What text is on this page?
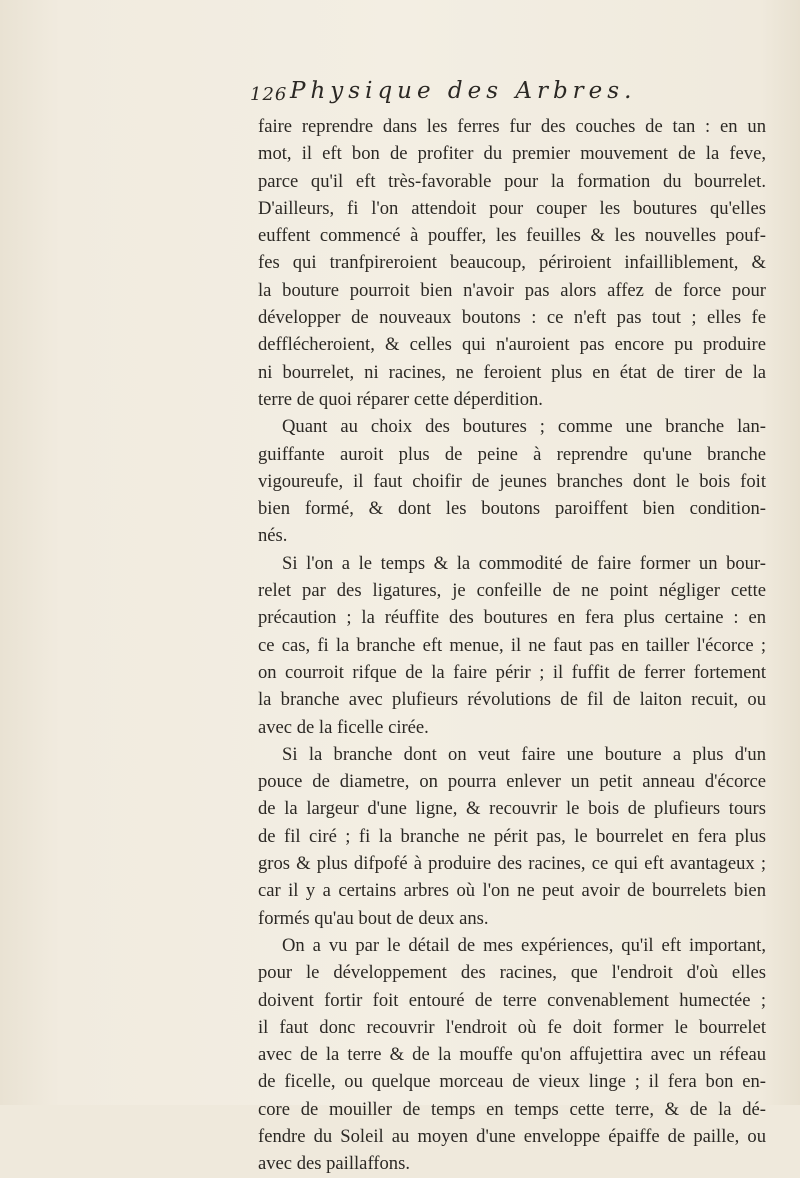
126 Physique des Arbres.
faire reprendre dans les ferres fur des couches de tan : en un
mot, il eft bon de profiter du premier mouvement de la feve,
parce qu'il eft très-favorable pour la formation du bourrelet.
D'ailleurs, fi l'on attendoit pour couper les boutures qu'elles
euffent commencé à pouffer, les feuilles & les nouvelles pouf-
fes qui tranfpireroient beaucoup, périroient infailliblement, &
la bouture pourroit bien n'avoir pas alors affez de force pour
développer de nouveaux boutons : ce n'eft pas tout ; elles fe
defflécheroient, & celles qui n'auroient pas encore pu produire
ni bourrelet, ni racines, ne feroient plus en état de tirer de la
terre de quoi réparer cette déperdition.
Quant au choix des boutures ; comme une branche lan-
guiffante auroit plus de peine à reprendre qu'une branche
vigoureufe, il faut choifir de jeunes branches dont le bois foit
bien formé, & dont les boutons paroiffent bien condition-
nés.
Si l'on a le temps & la commodité de faire former un bour-
relet par des ligatures, je confeille de ne point négliger cette
précaution ; la réuffite des boutures en fera plus certaine : en
ce cas, fi la branche eft menue, il ne faut pas en tailler l'écorce ;
on courroit rifque de la faire périr ; il fuffit de ferrer fortement
la branche avec plufieurs révolutions de fil de laiton recuit, ou
avec de la ficelle cirée.
Si la branche dont on veut faire une bouture a plus d'un
pouce de diametre, on pourra enlever un petit anneau d'écorce
de la largeur d'une ligne, & recouvrir le bois de plufieurs tours
de fil ciré ; fi la branche ne périt pas, le bourrelet en fera plus
gros & plus difpofé à produire des racines, ce qui eft avantageux ;
car il y a certains arbres où l'on ne peut avoir de bourrelets bien
formés qu'au bout de deux ans.
On a vu par le détail de mes expériences, qu'il eft important,
pour le développement des racines, que l'endroit d'où elles
doivent fortir foit entouré de terre convenablement humectée ;
il faut donc recouvrir l'endroit où fe doit former le bourrelet
avec de la terre & de la mouffe qu'on affujettira avec un réfeau
de ficelle, ou quelque morceau de vieux linge ; il fera bon en-
core de mouiller de temps en temps cette terre, & de la dé-
fendre du Soleil au moyen d'une enveloppe épaiffe de paille, ou
avec des paillaffons.
